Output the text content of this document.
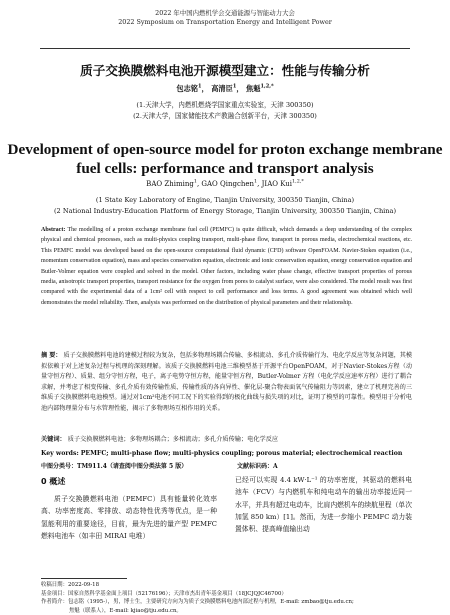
2022 年中国内燃机学会交通能源与智能动力大会
2022 Symposium on Transportation Energy and Intelligent Power
质子交换膜燃料电池开源模型建立：性能与传输分析
包志铭$^1$， 高清臣$^1$， 焦魁$^{1,2,*}$
(1.天津大学，内燃机燃烧学国家重点实验室，天津 300350)
(2.天津大学，国家储能技术产教融合创新平台，天津 300350)
Development of open-source model for proton exchange membrane fuel cells: performance and transport analysis
BAO Zhiming$^1$, GAO Qingchen$^1$, JIAO Kui$^{1,2,*}$
(1 State Key Laboratory of Engine, Tianjin University, 300350 Tianjin, China)
(2 National Industry-Education Platform of Energy Storage, Tianjin University, 300350 Tianjin, China)
Abstract: The modelling of a proton exchange membrane fuel cell (PEMFC) is quite difficult, which demands a deep understanding of the complex physical and chemical processes, such as multi-physics coupling transport, multi-phase flow, transport in porous media, electrochemical reactions, etc. This PEMFC model was developed based on the open-source computational fluid dynamic (CFD) software OpenFOAM. Navier-Stokes equation (i.e., momentum conservation equation), mass and species conservation equation, electronic and ionic conservation equation, energy conservation equation and Butler-Volmer equation were coupled and solved in the model. Other factors, including water phase change, effective transport properties of porous media, anisotropic transport properties, transport resistance for the oxygen from pores to catalyst surface, were also considered. The model result was first compared with the experimental data of a 1cm² cell with respect to cell performance and loss terms. A good agreement was obtained which well demonstrates the model reliability. Then, analysis was performed on the distribution of physical parameters and their relationship.
摘 要： 质子交换膜燃料电池的建模过程较为复杂，包括多物理场耦合传输、多相流动、多孔介质传输行为、电化学反应等复杂问题，其模拟依赖于对上述复杂过程与机理的深刻理解。该质子交换膜燃料电池三维模型基于开源平台OpenFOAM，对于Navier-Stokes方程（动量守恒方程）、质量、组分守恒方程，电子，离子电势守恒方程，能量守恒方程，Butler-Volmer 方程（电化学反应速率方程）进行了耦合求解，并考虑了相变传输、多孔介质有效传输性质、传输性质的各向异性、催化层-聚合物表面氧气传输阻力等因素，建立了机理完善的三维质子交换膜燃料电池模型。通过对1cm²电池不同工况下的实验得到的极化曲线与损失项的对比，证明了模型的可靠性。模型用于分析电池内部物理量分布与水管理性能，揭示了多物理场互相作用的关系。
关键词： 质子交换膜燃料电池；多物理场耦合；多相流动；多孔介质传输；电化学反应
Key words: PEMFC; multi-phase flow; multi-physics coupling; porous material; electrochemical reaction
中图分类号：TM911.4（请查阅中图分类法第 5 版）	文献标识码：A
0 概述
质子交换膜燃料电池（PEMFC）具有能量转化效率高、功率密度高、零排放、动态特性优秀等优点，是一种氢能利用的重要途径，目前，最为先进的量产型 PEMFC 燃料电池车（如丰田 MIRAI 电堆）
已经可以实现 4.4 kW·L⁻¹ 的功率密度，其驱动的燃料电池车（FCV）与内燃机车和纯电动车的输出功率接近同一水平，并具有超过电动车，比肩内燃机车的续航里程（单次加氢 850 km）[1]。然而，为进一步缩小 PEMFC 动力装置体积、提高峰值输出动
收稿日期：2022-09-18
基金项目：国家自然科学基金面上项目（52176196）；天津市杰出青年基金项目（18JCJQJC46700）
作者简介：包志铭（1995-），男，博士生，主要研究方向为为质子交换膜燃料电池内部过程与机理，E-mail: zmbao@tju.edu.cn;
焦魁（联系人），E-mail: kjiao@tju.edu.cn。
